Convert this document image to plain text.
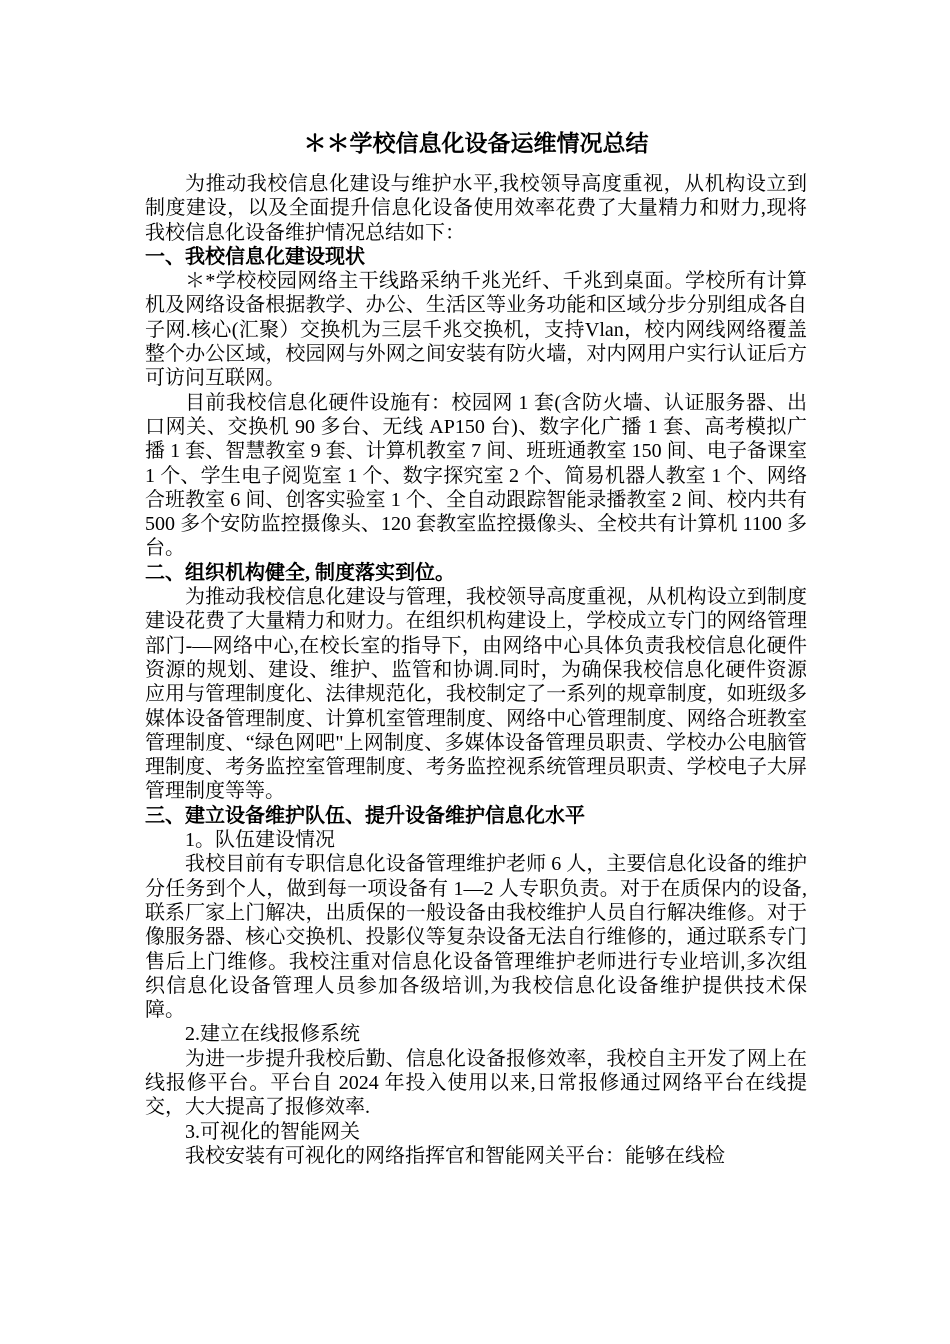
＊＊学校信息化设备运维情况总结

为推动我校信息化建设与维护水平,我校领导高度重视，从机构设立到制度建设，以及全面提升信息化设备使用效率花费了大量精力和财力,现将我校信息化设备维护情况总结如下：

一、我校信息化建设现状

＊*学校校园网络主干线路采纳千兆光纤、千兆到桌面。学校所有计算机及网络设备根据教学、办公、生活区等业务功能和区域分步分别组成各自子网.核心(汇聚）交换机为三层千兆交换机，支持Vlan，校内网线网络覆盖整个办公区域，校园网与外网之间安装有防火墙，对内网用户实行认证后方可访问互联网。

目前我校信息化硬件设施有：校园网 1 套(含防火墙、认证服务器、出口网关、交换机 90 多台、无线 AP150 台)、数字化广播 1 套、高考模拟广播 1 套、智慧教室 9 套、计算机教室 7 间、班班通教室 150 间、电子备课室 1 个、学生电子阅览室 1 个、数字探究室 2 个、简易机器人教室 1 个、网络合班教室 6 间、创客实验室 1 个、全自动跟踪智能录播教室 2 间、校内共有 500 多个安防监控摄像头、120 套教室监控摄像头、全校共有计算机 1100 多台。

二、组织机构健全, 制度落实到位。

为推动我校信息化建设与管理，我校领导高度重视，从机构设立到制度建设花费了大量精力和财力。在组织机构建设上，学校成立专门的网络管理部门-—网络中心,在校长室的指导下，由网络中心具体负责我校信息化硬件资源的规划、建设、维护、监管和协调.同时，为确保我校信息化硬件资源应用与管理制度化、法律规范化，我校制定了一系列的规章制度，如班级多媒体设备管理制度、计算机室管理制度、网络中心管理制度、网络合班教室管理制度、“绿色网吧"上网制度、多媒体设备管理员职责、学校办公电脑管理制度、考务监控室管理制度、考务监控视系统管理员职责、学校电子大屏管理制度等等。

三、建立设备维护队伍、提升设备维护信息化水平

1。队伍建设情况

我校目前有专职信息化设备管理维护老师 6 人，主要信息化设备的维护分任务到个人，做到每一项设备有 1—2 人专职负责。对于在质保内的设备,联系厂家上门解决，出质保的一般设备由我校维护人员自行解决维修。对于像服务器、核心交换机、投影仪等复杂设备无法自行维修的，通过联系专门售后上门维修。我校注重对信息化设备管理维护老师进行专业培训,多次组织信息化设备管理人员参加各级培训,为我校信息化设备维护提供技术保障。

2.建立在线报修系统

为进一步提升我校后勤、信息化设备报修效率，我校自主开发了网上在线报修平台。平台自 2024 年投入使用以来,日常报修通过网络平台在线提交，大大提高了报修效率.

3.可视化的智能网关

我校安装有可视化的网络指挥官和智能网关平台：能够在线检
